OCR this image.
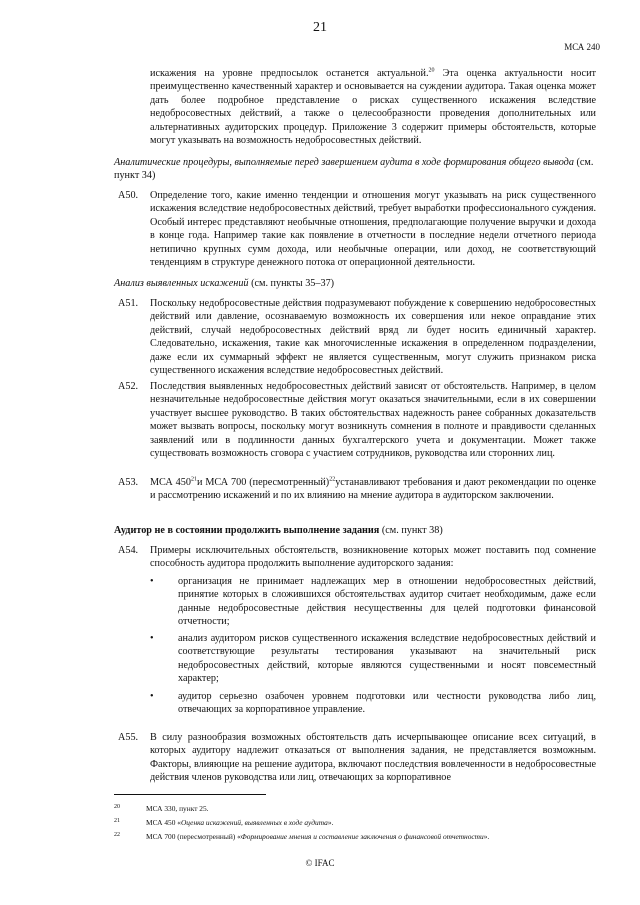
21
МСА 240
искажения на уровне предпосылок останется актуальной.$^{20}$ Эта оценка актуальности носит преимущественно качественный характер и основывается на суждении аудитора. Такая оценка может дать более подробное представление о рисках существенного искажения вследствие недобросовестных действий, а также о целесообразности проведения дополнительных или альтернативных аудиторских процедур. Приложение 3 содержит примеры обстоятельств, которые могут указывать на возможность недобросовестных действий.
Аналитические процедуры, выполняемые перед завершением аудита в ходе формирования общего вывода (см. пункт 34)
A50.	Определение того, какие именно тенденции и отношения могут указывать на риск существенного искажения вследствие недобросовестных действий, требует выработки профессионального суждения. Особый интерес представляют необычные отношения, предполагающие получение выручки и дохода в конце года. Например такие как появление в отчетности в последние недели отчетного периода нетипично крупных сумм дохода, или необычные операции, или доход, не соответствующий тенденциям в структуре денежного потока от операционной деятельности.
Анализ выявленных искажений (см. пункты 35–37)
A51.	Поскольку недобросовестные действия подразумевают побуждение к совершению недобросовестных действий или давление, осознаваемую возможность их совершения или некое оправдание этих действий, случай недобросовестных действий вряд ли будет носить единичный характер. Следовательно, искажения, такие как многочисленные искажения в определенном подразделении, даже если их суммарный эффект не является существенным, могут служить признаком риска существенного искажения вследствие недобросовестных действий.
A52.	Последствия выявленных недобросовестных действий зависят от обстоятельств. Например, в целом незначительные недобросовестные действия могут оказаться значительными, если в их совершении участвует высшее руководство. В таких обстоятельствах надежность ранее собранных доказательств может вызвать вопросы, поскольку могут возникнуть сомнения в полноте и правдивости сделанных заявлений или в подлинности данных бухгалтерского учета и документации. Может также существовать возможность сговора с участием сотрудников, руководства или сторонних лиц.
A53.	МСА $450^{21}и$ МСА 700 (пересмотренный)$^{22}$устанавливают требования и дают рекомендации по оценке и рассмотрению искажений и по их влиянию на мнение аудитора в аудиторском заключении.
Аудитор не в состоянии продолжить выполнение задания (см. пункт 38)
A54.	Примеры исключительных обстоятельств, возникновение которых может поставить под сомнение способность аудитора продолжить выполнение аудиторского задания:
•	организация не принимает надлежащих мер в отношении недобросовестных действий, принятие которых в сложившихся обстоятельствах аудитор считает необходимым, даже если данные недобросовестные действия несущественны для целей подготовки финансовой отчетности;
•	анализ аудитором рисков существенного искажения вследствие недобросовестных действий и соответствующие результаты тестирования указывают на значительный риск недобросовестных действий, которые являются существенными и носят повсеместный характер;
•	аудитор серьезно озабочен уровнем подготовки или честности руководства либо лиц, отвечающих за корпоративное управление.
A55.	В силу разнообразия возможных обстоятельств дать исчерпывающее описание всех ситуаций, в которых аудитору надлежит отказаться от выполнения задания, не представляется возможным. Факторы, влияющие на решение аудитора, включают последствия вовлеченности в недобросовестные действия членов руководства или лиц, отвечающих за корпоративное
20	МСА 330, пункт 25.
21	МСА 450 «Оценка искажений, выявленных в ходе аудита».
22	МСА 700 (пересмотренный) «Формирование мнения и составление заключения о финансовой отчетности».
© IFAC
